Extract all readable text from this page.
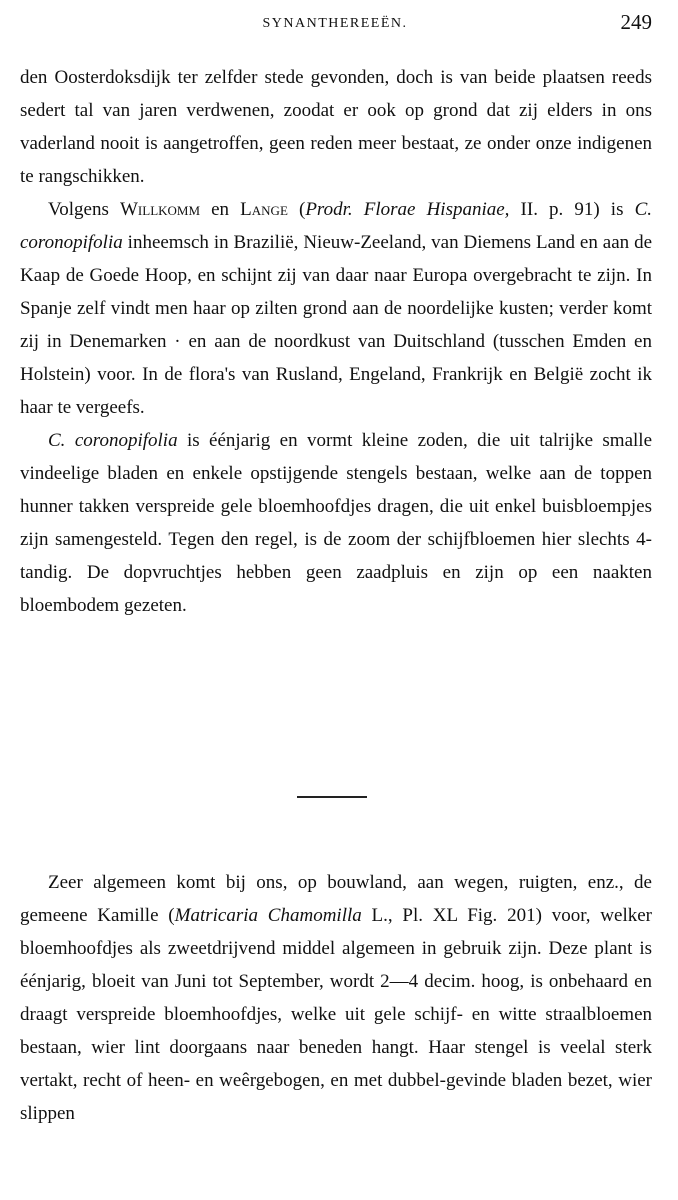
SYNANTHEREEËN.	249

den Oosterdoksdijk ter zelfder stede gevonden, doch is van beide plaatsen reeds sedert tal van jaren verdwenen, zoodat er ook op grond dat zij elders in ons vaderland nooit is aangetroffen, geen reden meer bestaat, ze onder onze indigenen te rangschikken.

Volgens Willkomm en Lange (Prodr. Florae Hispaniae, II. p. 91) is C. coronopifolia inheemsch in Brazilië, Nieuw-Zeeland, van Diemens Land en aan de Kaap de Goede Hoop, en schijnt zij van daar naar Europa overgebracht te zijn. In Spanje zelf vindt men haar op zilten grond aan de noordelijke kusten; verder komt zij in Denemarken · en aan de noordkust van Duitschland (tusschen Emden en Holstein) voor. In de flora's van Rusland, Engeland, Frankrijk en België zocht ik haar te vergeefs.

C. coronopifolia is éénjarig en vormt kleine zoden, die uit talrijke smalle vindeelige bladen en enkele opstijgende stengels bestaan, welke aan de toppen hunner takken verspreide gele bloemhoofdjes dragen, die uit enkel buisbloempjes zijn samengesteld. Tegen den regel, is de zoom der schijfbloemen hier slechts 4-tandig. De dopvruchtjes hebben geen zaadpluis en zijn op een naakten bloembodem gezeten.

Zeer algemeen komt bij ons, op bouwland, aan wegen, ruigten, enz., de gemeene Kamille (Matricaria Chamomilla L., Pl. XL Fig. 201) voor, welker bloemhoofdjes als zweetdrijvend middel algemeen in gebruik zijn. Deze plant is éénjarig, bloeit van Juni tot September, wordt 2—4 decim. hoog, is onbehaard en draagt verspreide bloemhoofdjes, welke uit gele schijf- en witte straalbloemen bestaan, wier lint doorgaans naar beneden hangt. Haar stengel is veelal sterk vertakt, recht of heen- en weêrgebogen, en met dubbel-gevinde bladen bezet, wier slippen
